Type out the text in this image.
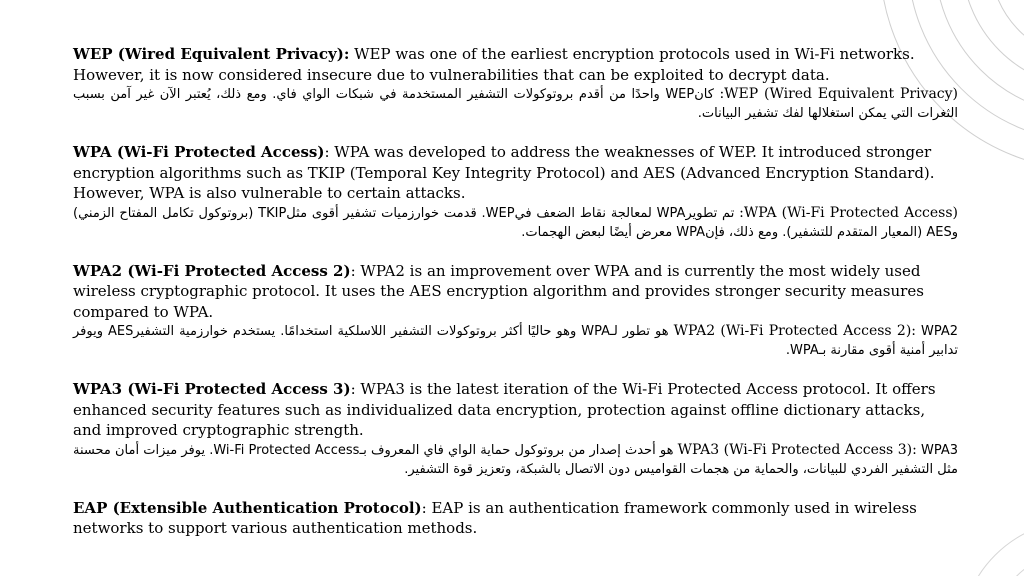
WEP (Wired Equivalent Privacy): WEP was one of the earliest encryption protocols used in Wi-Fi networks. However, it is now considered insecure due to vulnerabilities that can be exploited to decrypt data.

WEP (Wired Equivalent Privacy): كانWEP واحدًا من أقدم بروتوكولات التشفير المستخدمة في شبكات الواي فاي. ومع ذلك، يُعتبر الآن غير آمن بسبب الثغرات التي يمكن استغلالها لفك تشفير البيانات.

WPA (Wi-Fi Protected Access): WPA was developed to address the weaknesses of WEP. It introduced stronger encryption algorithms such as TKIP (Temporal Key Integrity Protocol) and AES (Advanced Encryption Standard). However, WPA is also vulnerable to certain attacks.

WPA (Wi-Fi Protected Access): تم تطويرWPA لمعالجة نقاط الضعف فيWEP. قدمت خوارزميات تشفير أقوى مثلTKIP (بروتوكول تكامل المفتاح الزمني) وAES (المعيار المتقدم للتشفير). ومع ذلك، فإنWPA معرض أيضًا لبعض الهجمات.

WPA2 (Wi-Fi Protected Access 2): WPA2 is an improvement over WPA and is currently the most widely used wireless cryptographic protocol. It uses the AES encryption algorithm and provides stronger security measures compared to WPA.

WPA2 (Wi-Fi Protected Access 2): WPA2 هو تطور لـWPA وهو حاليًا أكثر بروتوكولات التشفير اللاسلكية استخدامًا. يستخدم خوارزمية التشفيرAES ويوفر تدابير أمنية أقوى مقارنة بـWPA.

WPA3 (Wi-Fi Protected Access 3): WPA3 is the latest iteration of the Wi-Fi Protected Access protocol. It offers enhanced security features such as individualized data encryption, protection against offline dictionary attacks, and improved cryptographic strength.

WPA3 (Wi-Fi Protected Access 3): WPA3 هو أحدث إصدار من بروتوكول حماية الواي فاي المعروف بـWi-Fi Protected Access. يوفر ميزات أمان محسنة مثل التشفير الفردي للبيانات، والحماية من هجمات القواميس دون الاتصال بالشبكة، وتعزيز قوة التشفير.

EAP (Extensible Authentication Protocol): EAP is an authentication framework commonly used in wireless networks to support various authentication methods.
